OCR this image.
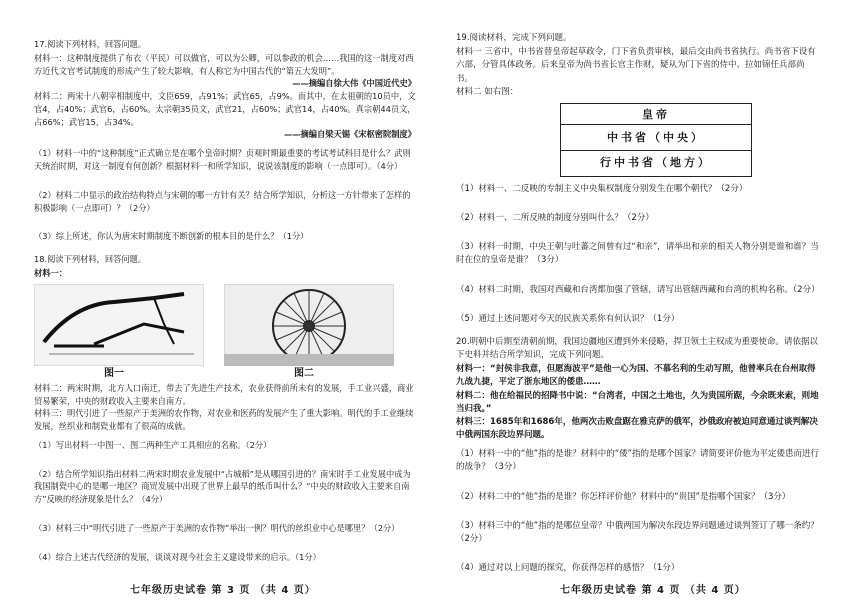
17.阅读下列材料，回答问题。

材料一：这种制度提供了布衣（平民）可以做官，可以为公卿，可以参政的机会……我国的这一制度对西方近代文官考试制度的形成产生了较大影响，有人称它为中国古代的“第五大发明”。

——摘编自徐大伟《中国近代史》

材料二：两宋十八朝宰相制度中，文臣659，占91%；武官65，占9%。而其中，在太祖朝的10员中，文官4，占40%；武官6，占60%。太宗朝35员文，武官21，占60%；武官14，占40%。真宗朝44员文，占66%；武官15，占34%。

——摘编自梁天锡《宋枢密院制度》

（1）材料一中的“这种制度”正式确立是在哪个皇帝时期？贞观时期最重要的考试考试科目是什么？武则天统治时期，对这一制度有何创新？根据材料一和所学知识，说说该制度的影响（一点即可）。（4分）

（2）材料二中显示的政治结构特点与宋朝的哪一方针有关？结合所学知识，分析这一方针带来了怎样的积极影响（一点即可）？（2分）

（3）综上所述，你认为唐宋时期制度不断创新的根本目的是什么？（1分）

18.阅读下列材料，回答问题。

材料一：

图一	图二

材料二：两宋时期，北方人口南迁，带去了先进生产技术，农业获得前所未有的发展，手工业兴盛，商业贸易繁荣，中央的财政收入主要来自南方。

材料三：明代引进了一些原产于美洲的农作物，对农业和医药的发展产生了重大影响。明代的手工业继续发展，丝织业和制瓷业都有了很高的成就。

（1）写出材料一中图一、图二两种生产工具相应的名称。（2分）

（2）结合所学知识指出材料二两宋时期农业发展中“占城稻”是从哪国引进的？南宋时手工业发展中成为我国制瓷中心的是哪一地区？商贸发展中出现了世界上最早的纸币叫什么？“中央的财政收入主要来自南方”反映的经济现象是什么？（4分）

（3）材料三中“明代引进了一些原产于美洲的农作物”举出一例？明代的丝织业中心是哪里？（2分）

（4）综合上述古代经济的发展，谈谈对现今社会主义建设带来的启示。（1分）

七年级历史试卷 第 3 页 （共 4 页）

19.阅读材料，完成下列问题。

材料一 三省中，中书省替皇帝起草政令，门下省负责审核，最后交由尚书省执行。尚书省下设有六部，分管具体政务。后来皇帝为尚书省长官主作财，疑从为门下省的侍中、拉如锦任兵部尚书。

材料二 如右图：

皇帝
中书省（中央）
行中书省（地方）

（1）材料一、二反映的专制主义中央集权制度分别发生在哪个朝代？（2分）

（2）材料一、二所反映的制度分别叫什么？（2分）

（3）材料一时期，中央王朝与吐蕃之间曾有过“和亲”，请举出和亲的相关人物分别是谁和谁？当时在位的皇帝是谁？（3分）

（4）材料二时期，我国对西藏和台湾都加强了管辖，请写出管辖西藏和台湾的机构名称。（2分）

（5）通过上述问题对今天的民族关系你有何认识？（1分）

20.明朝中后期至清朝前期，我国边疆地区遭到外来侵略，捍卫领土主权成为重要使命。请依据以下史料并结合所学知识，完成下列问题。

材料一：“封侯非我意，但愿海波平”是他一心为国、不慕名利的生动写照，他曾率兵在台州取得九战九捷，平定了浙东地区的倭患……

材料二：他在给福民的招降书中说：“台湾者，中国之土地也，久为贵国所踞，今余既来索，则地当归我。”

材料三：1685年和1686年，他两次击败盘踞在雅克萨的俄军，沙俄政府被迫同意通过谈判解决中俄两国东段边界问题。

（1）材料一中的“他”指的是谁？材料中的“倭”指的是哪个国家？请简要评价他为平定倭患而进行的战争？（3分）

（2）材料二中的“他”指的是谁？你怎样评价他？材料中的“贵国”是指哪个国家？（3分）

（3）材料三中的“他”指的是哪位皇帝？中俄两国为解决东段边界问题通过谈判签订了哪一条约？（2分）

（4）通过对以上问题的探究，你获得怎样的感悟？（1分）

七年级历史试卷 第 4 页 （共 4 页）
